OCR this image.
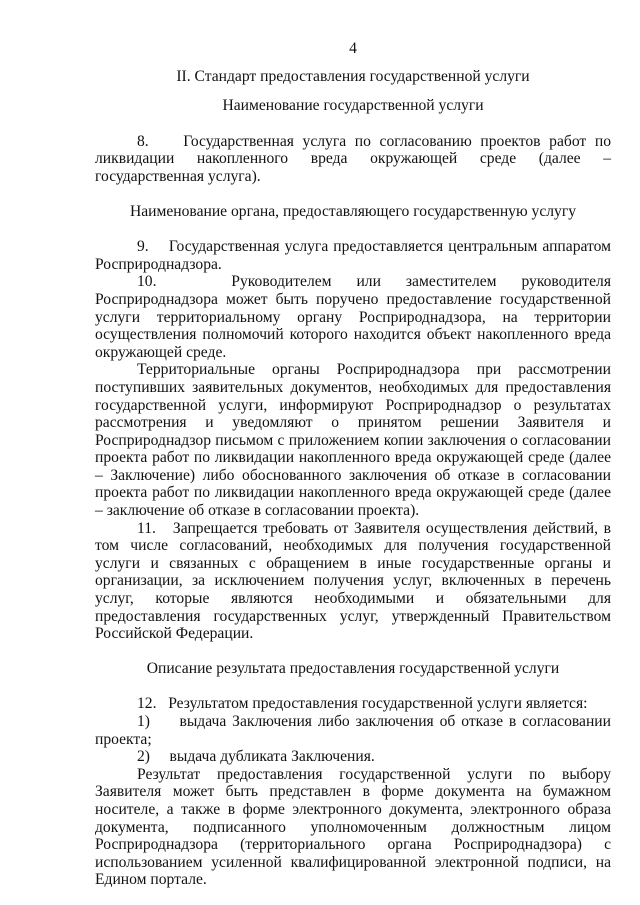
4
II. Стандарт предоставления государственной услуги
Наименование государственной услуги

8.    Государственная услуга по согласованию проектов работ по ликвидации накопленного вреда окружающей среде (далее – государственная услуга).

Наименование органа, предоставляющего государственную услугу

9.    Государственная услуга предоставляется центральным аппаратом Росприроднадзора.

10.   Руководителем или заместителем руководителя Росприроднадзора может быть поручено предоставление государственной услуги территориальному органу Росприроднадзора, на территории осуществления полномочий которого находится объект накопленного вреда окружающей среде.

Территориальные органы Росприроднадзора при рассмотрении поступивших заявительных документов, необходимых для предоставления государственной услуги, информируют Росприроднадзор о результатах рассмотрения и уведомляют о принятом решении Заявителя и Росприроднадзор письмом с приложением копии заключения о согласовании проекта работ по ликвидации накопленного вреда окружающей среде (далее – Заключение) либо обоснованного заключения об отказе в согласовании проекта работ по ликвидации накопленного вреда окружающей среде (далее – заключение об отказе в согласовании проекта).

11.   Запрещается требовать от Заявителя осуществления действий, в том числе согласований, необходимых для получения государственной услуги и связанных с обращением в иные государственные органы и организации, за исключением получения услуг, включенных в перечень услуг, которые являются необходимыми и обязательными для предоставления государственных услуг, утвержденный Правительством Российской Федерации.

Описание результата предоставления государственной услуги

12.   Результатом предоставления государственной услуги является:

1)     выдача Заключения либо заключения об отказе в согласовании проекта;

2)     выдача дубликата Заключения.

Результат предоставления государственной услуги по выбору Заявителя может быть представлен в форме документа на бумажном носителе, а также в форме электронного документа, электронного образа документа, подписанного уполномоченным должностным лицом Росприроднадзора (территориального органа Росприроднадзора) с использованием усиленной квалифицированной электронной подписи, на Едином портале.
